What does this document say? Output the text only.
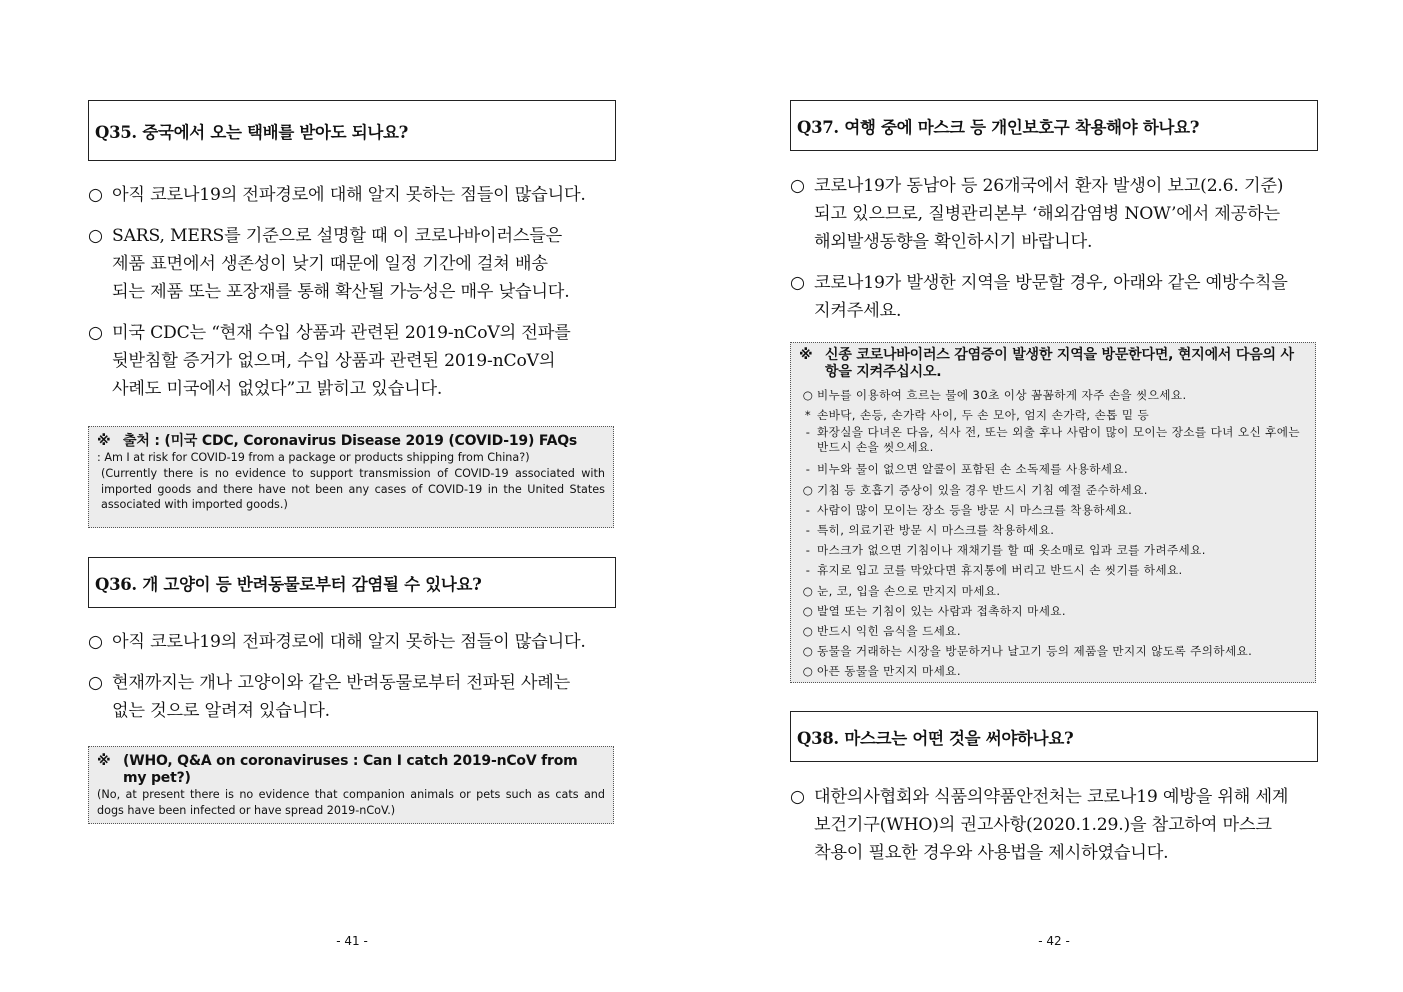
Q35. 중국에서 오는 택배를 받아도 되나요?
○ 아직 코로나19의 전파경로에 대해 알지 못하는 점들이 많습니다.
○ SARS, MERS를 기준으로 설명할 때 이 코로나바이러스들은
제품 표면에서 생존성이 낮기 때문에 일정 기간에 걸쳐 배송
되는 제품 또는 포장재를 통해 확산될 가능성은 매우 낮습니다.
○ 미국 CDC는 “현재 수입 상품과 관련된 2019-nCoV의 전파를
뒷받침할 증거가 없으며, 수입 상품과 관련된 2019-nCoV의
사례도 미국에서 없었다”고 밝히고 있습니다.
※ 출처 : (미국 CDC, Coronavirus Disease 2019 (COVID-19) FAQs
: Am I at risk for COVID-19 from a package or products shipping from China?)
(Currently there is no evidence to support transmission of COVID-19 associated with imported goods and there have not been any cases of COVID-19 in the United States associated with imported goods.)
Q36. 개 고양이 등 반려동물로부터 감염될 수 있나요?
○ 아직 코로나19의 전파경로에 대해 알지 못하는 점들이 많습니다.
○ 현재까지는 개나 고양이와 같은 반려동물로부터 전파된 사례는
없는 것으로 알려져 있습니다.
※ (WHO, Q&A on coronaviruses : Can I catch 2019-nCoV from my pet?)
(No, at present there is no evidence that companion animals or pets such as cats and dogs have been infected or have spread 2019-nCoV.)
- 41 -
Q37. 여행 중에 마스크 등 개인보호구 착용해야 하나요?
○ 코로나19가 동남아 등 26개국에서 환자 발생이 보고(2.6. 기준)
되고 있으므로, 질병관리본부 ‘해외감염병 NOW’에서 제공하는
해외발생동향을 확인하시기 바랍니다.
○ 코로나19가 발생한 지역을 방문할 경우, 아래와 같은 예방수칙을
지켜주세요.
※ 신종 코로나바이러스 감염증이 발생한 지역을 방문한다면, 현지에서 다음의 사항을 지켜주십시오.
○ 비누를 이용하여 흐르는 물에 30초 이상 꼼꼼하게 자주 손을 씻으세요.
* 손바닥, 손등, 손가락 사이, 두 손 모아, 엄지 손가락, 손톱 밑 등
- 화장실을 다녀온 다음, 식사 전, 또는 외출 후나 사람이 많이 모이는 장소를 다녀 오신 후에는 반드시 손을 씻으세요.
- 비누와 물이 없으면 알콜이 포함된 손 소독제를 사용하세요.
○ 기침 등 호흡기 증상이 있을 경우 반드시 기침 예절 준수하세요.
- 사람이 많이 모이는 장소 등을 방문 시 마스크를 착용하세요.
- 특히, 의료기관 방문 시 마스크를 착용하세요.
- 마스크가 없으면 기침이나 재채기를 할 때 옷소매로 입과 코를 가려주세요.
- 휴지로 입고 코를 막았다면 휴지통에 버리고 반드시 손 씻기를 하세요.
○ 눈, 코, 입을 손으로 만지지 마세요.
○ 발열 또는 기침이 있는 사람과 접촉하지 마세요.
○ 반드시 익힌 음식을 드세요.
○ 동물을 거래하는 시장을 방문하거나 날고기 등의 제품을 만지지 않도록 주의하세요.
○ 아픈 동물을 만지지 마세요.
Q38. 마스크는 어떤 것을 써야하나요?
○ 대한의사협회와 식품의약품안전처는 코로나19 예방을 위해 세계
보건기구(WHO)의 권고사항(2020.1.29.)을 참고하여 마스크
착용이 필요한 경우와 사용법을 제시하였습니다.
- 42 -
